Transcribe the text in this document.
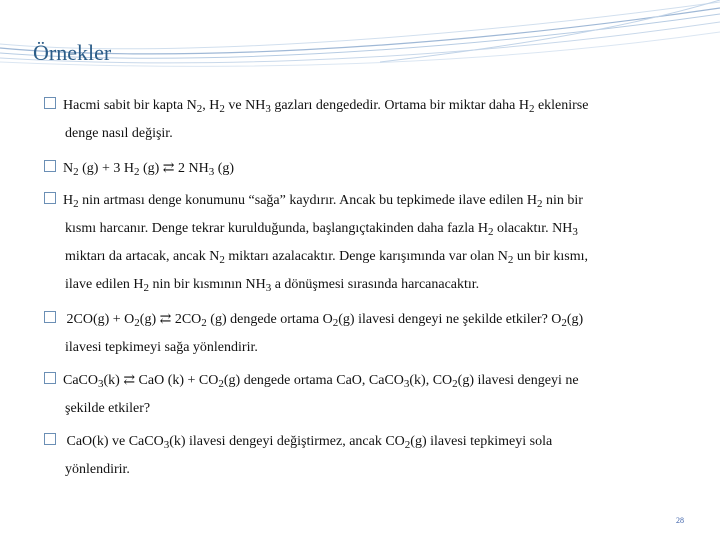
Örnekler
Hacmi sabit bir kapta $N_2$, $H_2$ ve $NH_3$ gazları dengededir. Ortama bir miktar daha $H_2$ eklenirse
denge nasıl değişir.
$N_2$ (g) + 3 $H_2$ (g) ⇄ 2 $NH_3$ (g)
$H_2$ nin artması denge konumunu “sağa” kaydırır. Ancak bu tepkimede ilave edilen $H_2$ nin bir
kısmı harcanır. Denge tekrar kurulduğunda, başlangıçtakinden daha fazla $H_2$ olacaktır. $NH_3$
miktarı da artacak, ancak $N_2$ miktarı azalacaktır. Denge karışımında var olan $N_2$ un bir kısmı,
ilave edilen $H_2$ nin bir kısmının $NH_3$ a dönüşmesi sırasında harcanacaktır.
$2CO(g) + O_2(g)$ ⇄ $2CO_2$ (g) dengede ortama $O_2(g)$ ilavesi dengeyi ne şekilde etkiler? $O_2(g)$
ilavesi tepkimeyi sağa yönlendirir.
CaCO$_3$(k) ⇄ CaO $(k) + CO_2(g)$ dengede ortama CaO, CaCO$_3$(k), $CO_2(g)$ ilavesi dengeyi ne
şekilde etkiler?
CaO(k) ve CaCO$_3$(k) ilavesi dengeyi değiştirmez, ancak $CO_2(g)$ ilavesi tepkimeyi sola
yönlendirir.
28
